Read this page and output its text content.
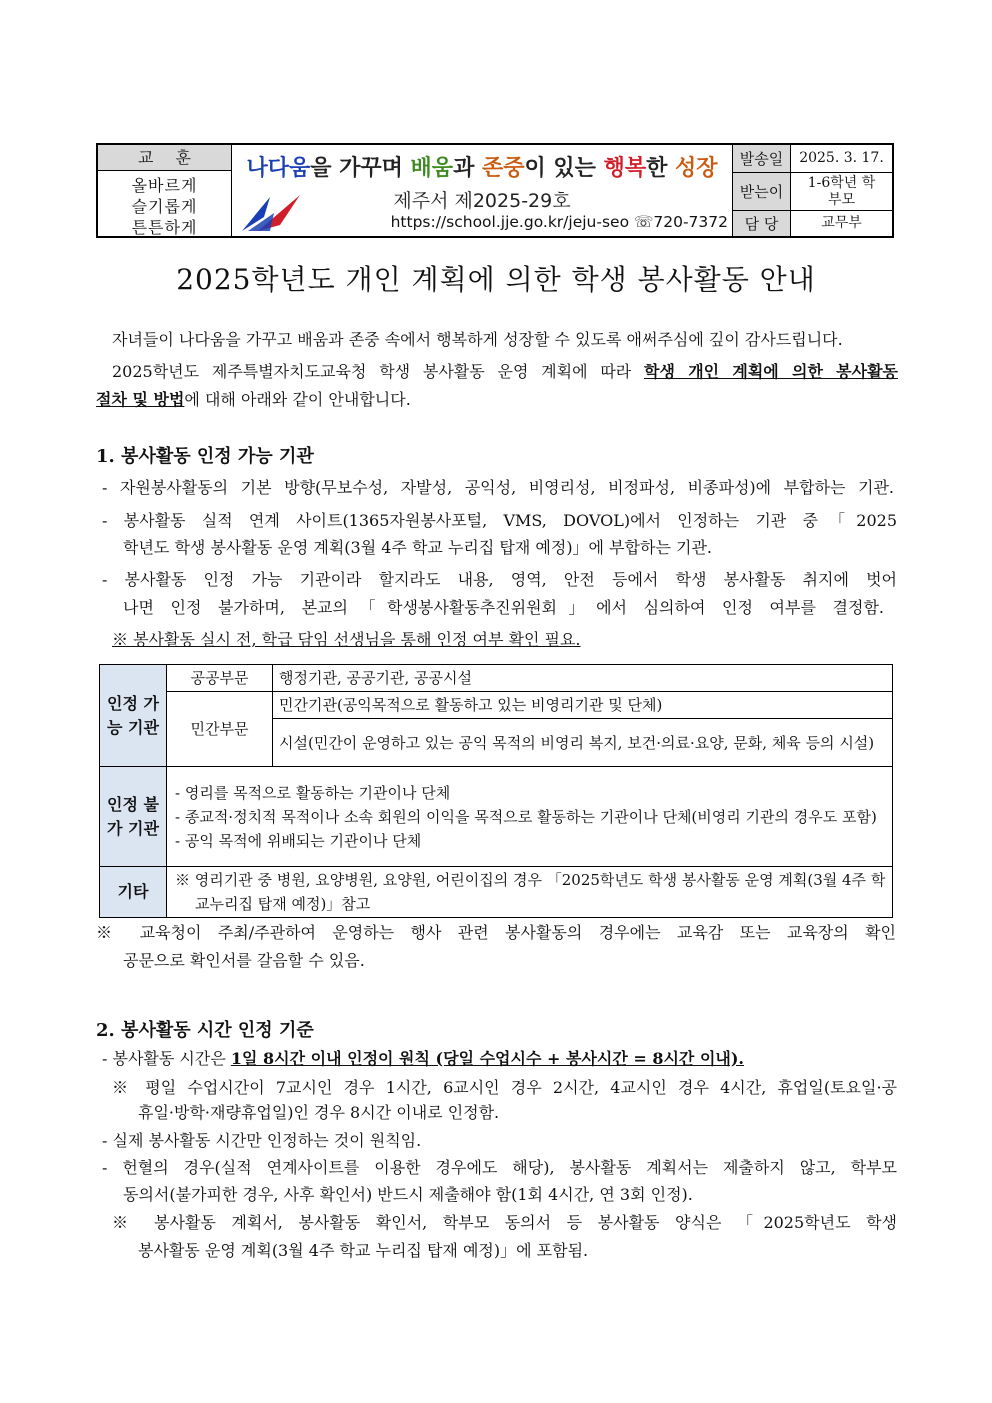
교훈
올바르게
슬기롭게
튼튼하게
나다움을 가꾸며 배움과 존중이 있는 행복한 성장
제주서 제2025-29호
https://school.jje.go.kr/jeju-seo ☏720-7372
발송일	2025. 3. 17.
받는이
1-6학년 학부모
담 당	교무부
2025학년도 개인 계획에 의한 학생 봉사활동 안내
자녀들이 나다움을 가꾸고 배움과 존중 속에서 행복하게 성장할 수 있도록 애써주심에 깊이 감사드립니다.
2025학년도 제주특별자치도교육청 학생 봉사활동 운영 계획에 따라 학생 개인 계획에 의한 봉사활동
절차 및 방법에 대해 아래와 같이 안내합니다.
1. 봉사활동 인정 가능 기관
- 자원봉사활동의 기본 방향(무보수성, 자발성, 공익성, 비영리성, 비정파성, 비종파성)에 부합하는 기관.
- 봉사활동 실적 연계 사이트(1365자원봉사포털, VMS, DOVOL)에서 인정하는 기관 중「2025
학년도 학생 봉사활동 운영 계획(3월 4주 학교 누리집 탑재 예정)」에 부합하는 기관.
- 봉사활동 인정 가능 기관이라 할지라도 내용, 영역, 안전 등에서 학생 봉사활동 취지에 벗어
나면 인정 불가하며, 본교의「학생봉사활동추진위원회」에서 심의하여 인정 여부를 결정함.
※ 봉사활동 실시 전, 학급 담임 선생님을 통해 인정 여부 확인 필요.
인정 가능 기관	공공부문	행정기관, 공공기관, 공공시설
	민간부문	민간기관(공익목적으로 활동하고 있는 비영리기관 및 단체)
		시설(민간이 운영하고 있는 공익 목적의 비영리 복지, 보건·의료·요양, 문화, 체육 등의 시설)
인정 불가 기관	- 영리를 목적으로 활동하는 기관이나 단체
- 종교적·정치적 목적이나 소속 회원의 이익을 목적으로 활동하는 기관이나 단체(비영리 기관의 경우도 포함)
- 공익 목적에 위배되는 기관이나 단체	

기타	※ 영리기관 중 병원, 요양병원, 요양원, 어린이집의 경우 「2025학년도 학생 봉사활동 운영 계획(3월 4주 학교누리집 탑재 예정)」참고	
※ 교육청이 주최/주관하여 운영하는 행사 관련 봉사활동의 경우에는 교육감 또는 교육장의 확인
공문으로 확인서를 갈음할 수 있음.
2. 봉사활동 시간 인정 기준
- 봉사활동 시간은 1일 8시간 이내 인정이 원칙 (당일 수업시수 + 봉사시간 = 8시간 이내).
※ 평일 수업시간이 7교시인 경우 1시간, 6교시인 경우 2시간, 4교시인 경우 4시간, 휴업일(토요일·공
휴일·방학·재량휴업일)인 경우 8시간 이내로 인정함.
- 실제 봉사활동 시간만 인정하는 것이 원칙임.
- 헌혈의 경우(실적 연계사이트를 이용한 경우에도 해당), 봉사활동 계획서는 제출하지 않고, 학부모
동의서(불가피한 경우, 사후 확인서) 반드시 제출해야 함(1회 4시간, 연 3회 인정).
※ 봉사활동 계획서, 봉사활동 확인서, 학부모 동의서 등 봉사활동 양식은 「2025학년도 학생
봉사활동 운영 계획(3월 4주 학교 누리집 탑재 예정)」에 포함됨.
